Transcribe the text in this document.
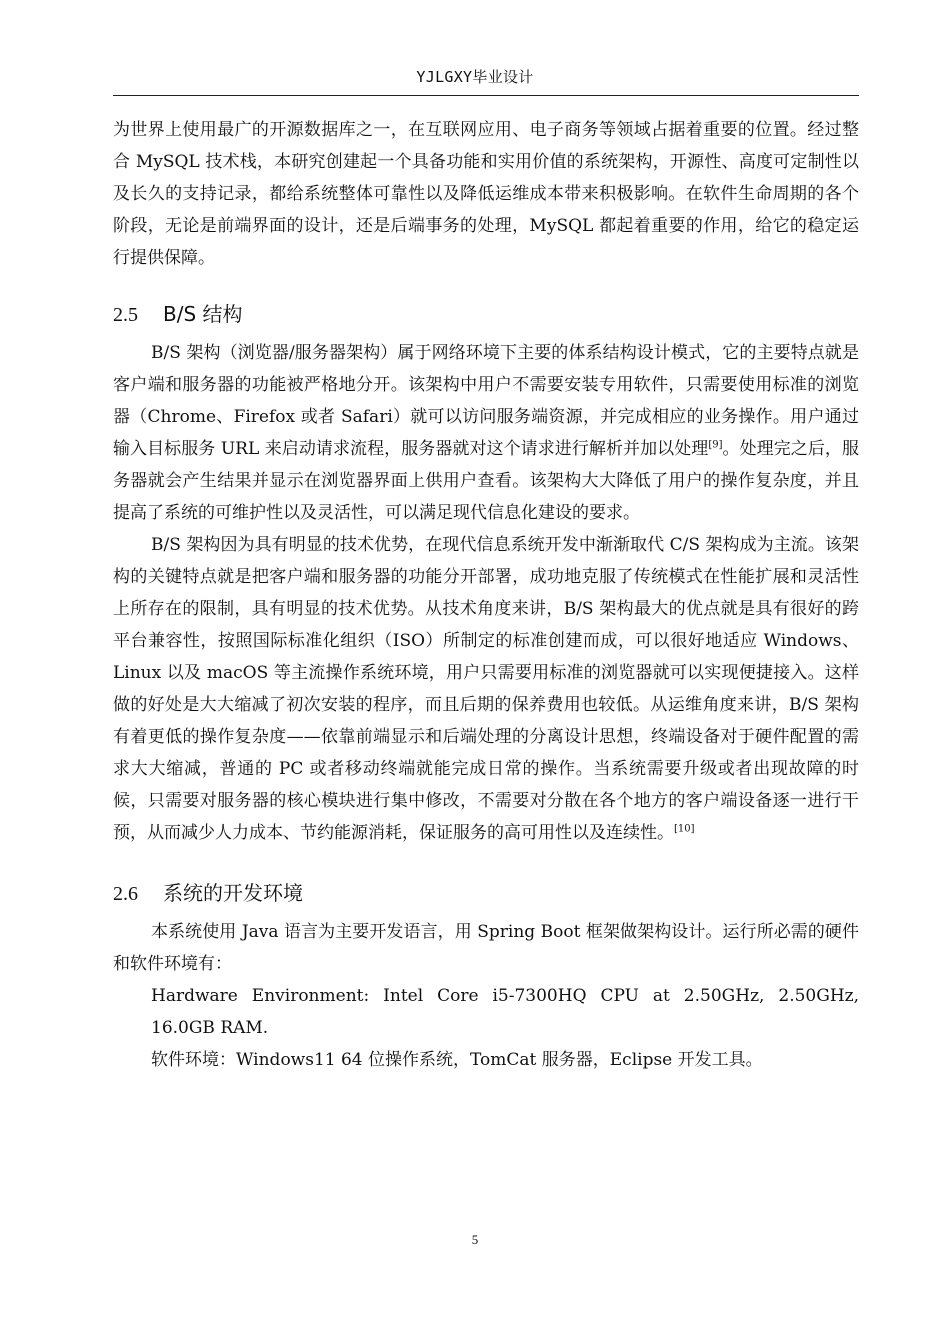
YJLGXY毕业设计

为世界上使用最广的开源数据库之一，在互联网应用、电子商务等领域占据着重要的位置。经过整合 MySQL 技术栈，本研究创建起一个具备功能和实用价值的系统架构，开源性、高度可定制性以及长久的支持记录，都给系统整体可靠性以及降低运维成本带来积极影响。在软件生命周期的各个阶段，无论是前端界面的设计，还是后端事务的处理，MySQL 都起着重要的作用，给它的稳定运行提供保障。

2.5 B/S 结构

B/S 架构（浏览器/服务器架构）属于网络环境下主要的体系结构设计模式，它的主要特点就是客户端和服务器的功能被严格地分开。该架构中用户不需要安装专用软件，只需要使用标准的浏览器（Chrome、Firefox 或者 Safari）就可以访问服务端资源，并完成相应的业务操作。用户通过输入目标服务 URL 来启动请求流程，服务器就对这个请求进行解析并加以处理[9]。处理完之后，服务器就会产生结果并显示在浏览器界面上供用户查看。该架构大大降低了用户的操作复杂度，并且提高了系统的可维护性以及灵活性，可以满足现代信息化建设的要求。

B/S 架构因为具有明显的技术优势，在现代信息系统开发中渐渐取代 C/S 架构成为主流。该架构的关键特点就是把客户端和服务器的功能分开部署，成功地克服了传统模式在性能扩展和灵活性上所存在的限制，具有明显的技术优势。从技术角度来讲，B/S 架构最大的优点就是具有很好的跨平台兼容性，按照国际标准化组织（ISO）所制定的标准创建而成，可以很好地适应 Windows、Linux 以及 macOS 等主流操作系统环境，用户只需要用标准的浏览器就可以实现便捷接入。这样做的好处是大大缩减了初次安装的程序，而且后期的保养费用也较低。从运维角度来讲，B/S 架构有着更低的操作复杂度——依靠前端显示和后端处理的分离设计思想，终端设备对于硬件配置的需求大大缩减，普通的 PC 或者移动终端就能完成日常的操作。当系统需要升级或者出现故障的时候，只需要对服务器的核心模块进行集中修改，不需要对分散在各个地方的客户端设备逐一进行干预，从而减少人力成本、节约能源消耗，保证服务的高可用性以及连续性。[10]

2.6 系统的开发环境

本系统使用 Java 语言为主要开发语言，用 Spring Boot 框架做架构设计。运行所必需的硬件和软件环境有：

Hardware Environment: Intel Core i5-7300HQ CPU at 2.50GHz, 2.50GHz, 16.0GB RAM.

软件环境：Windows11 64 位操作系统，TomCat 服务器，Eclipse 开发工具。

5
